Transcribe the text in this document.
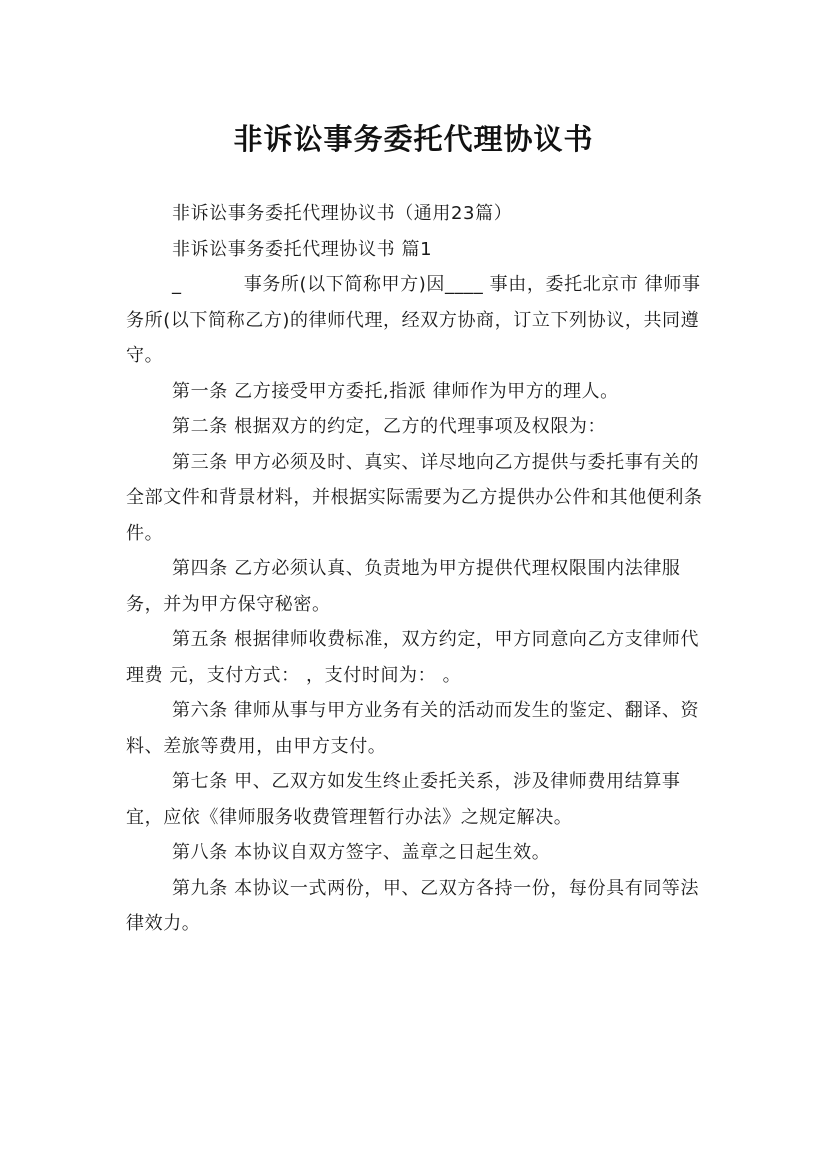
非诉讼事务委托代理协议书

非诉讼事务委托代理协议书（通用23篇）

非诉讼事务委托代理协议书 篇1

_　　　 事务所(以下简称甲方)因____ 事由，委托北京市 律师事务所(以下简称乙方)的律师代理，经双方协商，订立下列协议，共同遵守。

第一条 乙方接受甲方委托,指派 律师作为甲方的理人。

第二条 根据双方的约定，乙方的代理事项及权限为：

第三条 甲方必须及时、真实、详尽地向乙方提供与委托事有关的全部文件和背景材料，并根据实际需要为乙方提供办公件和其他便利条件。

第四条 乙方必须认真、负责地为甲方提供代理权限围内法律服务，并为甲方保守秘密。

第五条 根据律师收费标准，双方约定，甲方同意向乙方支律师代理费 元，支付方式： ，支付时间为： 。

第六条 律师从事与甲方业务有关的活动而发生的鉴定、翻译、资料、差旅等费用，由甲方支付。

第七条 甲、乙双方如发生终止委托关系，涉及律师费用结算事宜，应依《律师服务收费管理暂行办法》之规定解决。

第八条 本协议自双方签字、盖章之日起生效。

第九条 本协议一式两份，甲、乙双方各持一份，每份具有同等法律效力。
